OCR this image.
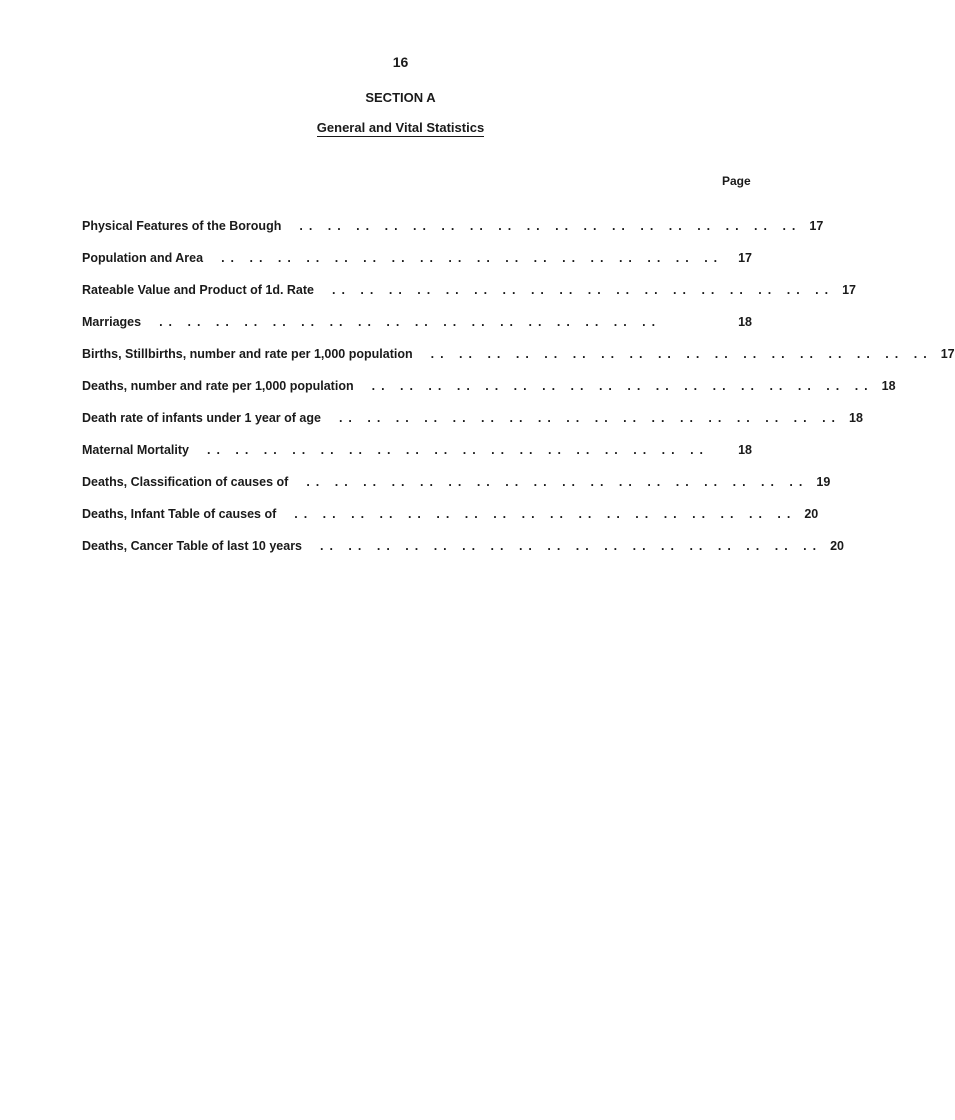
16
SECTION A
General and Vital Statistics
Page
Physical Features of the Borough	.. .. .. .. .. .. .. .. .. .. .. .. .. .. .. .. .. .. 17
Population and Area	.. .. .. .. .. .. .. .. .. .. .. .. .. .. .. .. .. ..	17
Rateable Value and Product of 1d. Rate	.. .. .. .. .. .. .. .. .. .. .. .. .. .. .. .. .. .. 17
Marriages	.. .. .. .. .. .. .. .. .. .. .. .. .. .. .. .. .. ..	18
Births, Stillbirths, number and rate per 1,000 population	.. .. .. .. .. .. .. .. .. .. .. .. .. .. .. .. .. .. 17
Deaths, number and rate per 1,000 population	.. .. .. .. .. .. .. .. .. .. .. .. .. .. .. .. .. .. 18
Death rate of infants under 1 year of age	.. .. .. .. .. .. .. .. .. .. .. .. .. .. .. .. .. .. 18
Maternal Mortality	.. .. .. .. .. .. .. .. .. .. .. .. .. .. .. .. .. ..	18
Deaths, Classification of causes of	.. .. .. .. .. .. .. .. .. .. .. .. .. .. .. .. .. .. 19
Deaths, Infant Table of causes of	.. .. .. .. .. .. .. .. .. .. .. .. .. .. .. .. .. .. 20
Deaths, Cancer Table of last 10 years	.. .. .. .. .. .. .. .. .. .. .. .. .. .. .. .. .. .. 20
